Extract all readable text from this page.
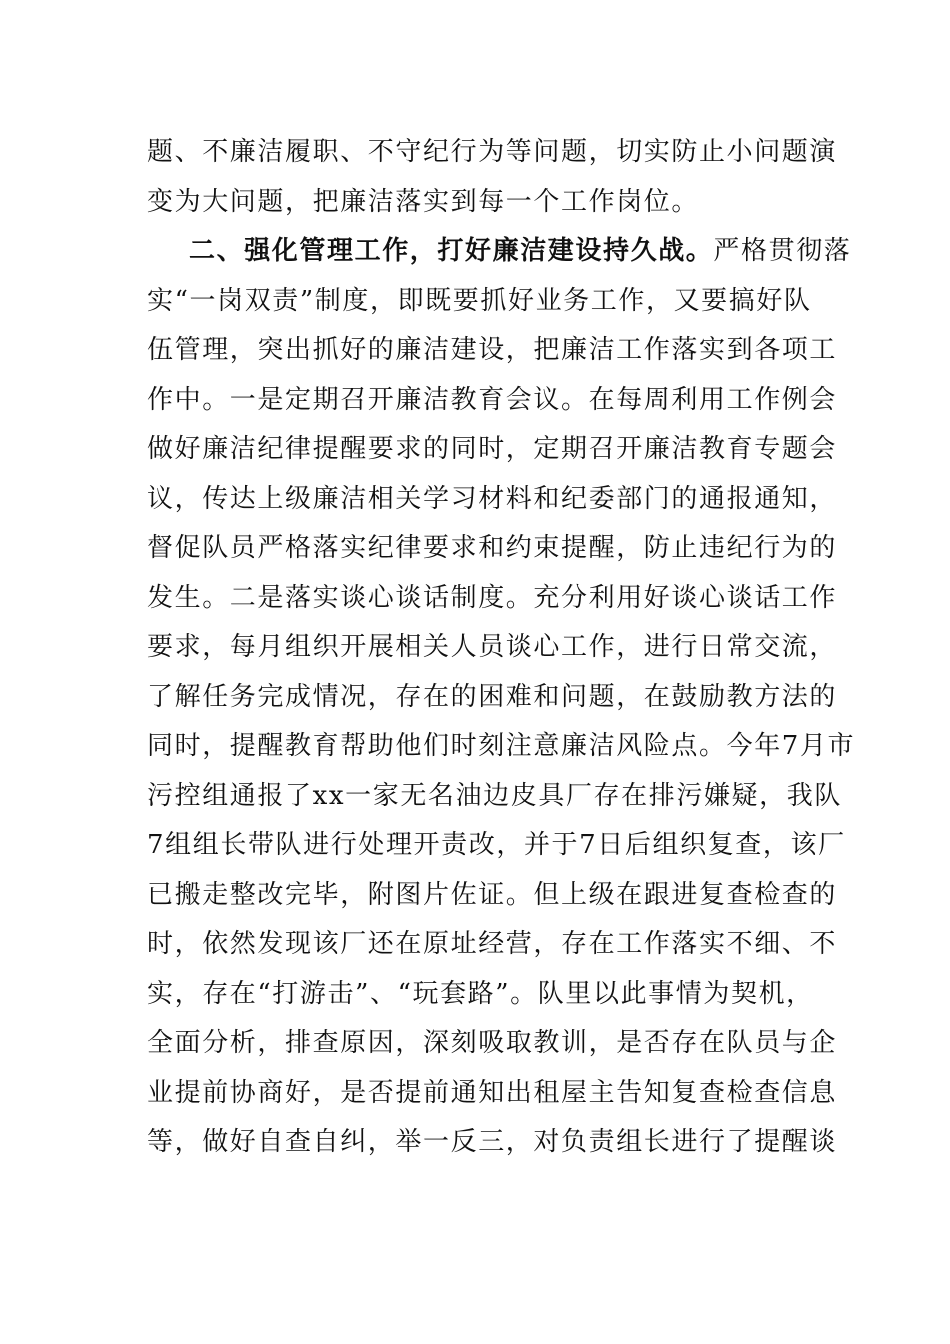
题、不廉洁履职、不守纪行为等问题，切实防止小问题演
变为大问题，把廉洁落实到每一个工作岗位。
二、强化管理工作，打好廉洁建设持久战。严格贯彻落
实“一岗双责”制度，即既要抓好业务工作，又要搞好队
伍管理，突出抓好的廉洁建设，把廉洁工作落实到各项工
作中。一是定期召开廉洁教育会议。在每周利用工作例会
做好廉洁纪律提醒要求的同时，定期召开廉洁教育专题会
议，传达上级廉洁相关学习材料和纪委部门的通报通知，
督促队员严格落实纪律要求和约束提醒，防止违纪行为的
发生。二是落实谈心谈话制度。充分利用好谈心谈话工作
要求，每月组织开展相关人员谈心工作，进行日常交流，
了解任务完成情况，存在的困难和问题，在鼓励教方法的
同时，提醒教育帮助他们时刻注意廉洁风险点。今年7月市
污控组通报了xx一家无名油边皮具厂存在排污嫌疑，我队
7组组长带队进行处理开责改，并于7日后组织复查，该厂
已搬走整改完毕，附图片佐证。但上级在跟进复查检查的
时，依然发现该厂还在原址经营，存在工作落实不细、不
实，存在“打游击”、“玩套路”。队里以此事情为契机，
全面分析，排查原因，深刻吸取教训，是否存在队员与企
业提前协商好，是否提前通知出租屋主告知复查检查信息
等，做好自查自纠，举一反三，对负责组长进行了提醒谈
